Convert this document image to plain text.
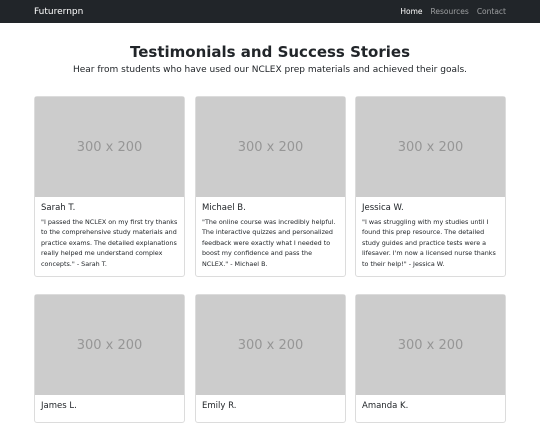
Futurernpn	Home Resources Contact
Testimonials and Success Stories

Hear from students who have used our NCLEX prep materials and achieved their goals.

300 x 200
Sarah T.
"I passed the NCLEX on my first try thanks to the comprehensive study materials and practice exams. The detailed explanations really helped me understand complex concepts." - Sarah T.
300 x 200
Michael B.
"The online course was incredibly helpful. The interactive quizzes and personalized feedback were exactly what I needed to boost my confidence and pass the NCLEX." - Michael B.
300 x 200
Jessica W.
"I was struggling with my studies until I found this prep resource. The detailed study guides and practice tests were a lifesaver. I'm now a licensed nurse thanks to their help!" - Jessica W.
300 x 200
James L.
300 x 200
Emily R.
300 x 200
Amanda K.
